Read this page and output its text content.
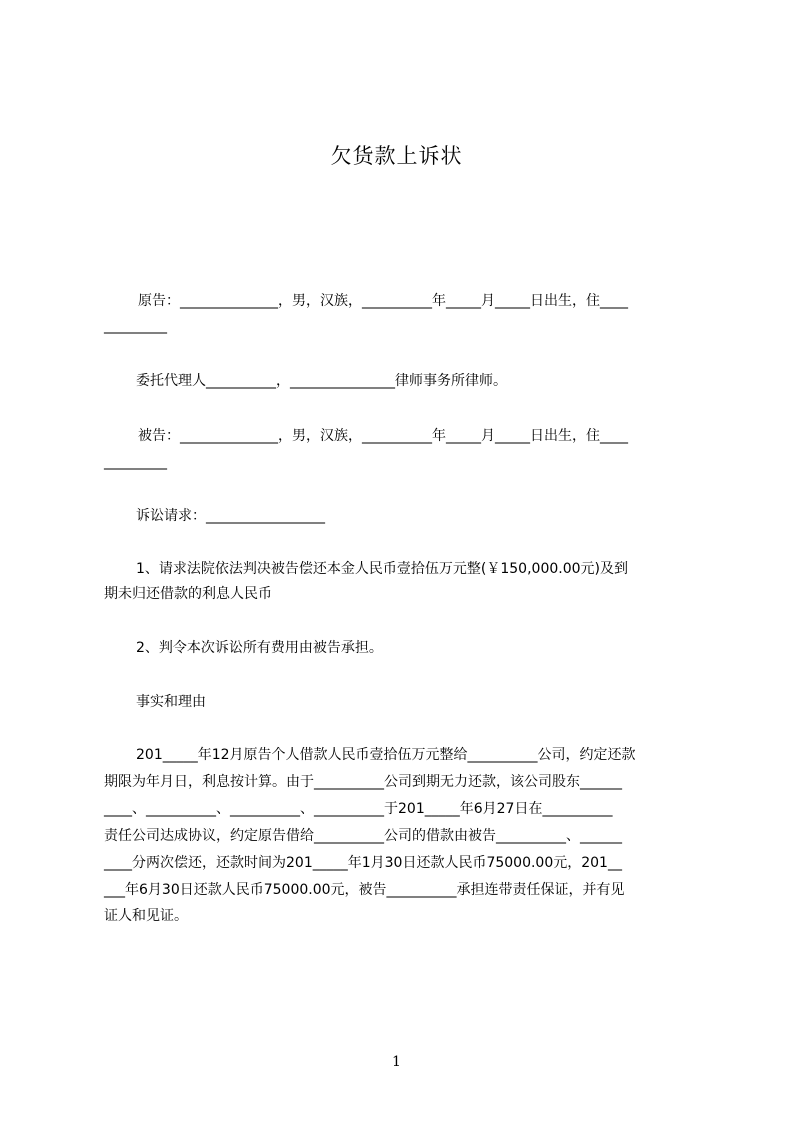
欠货款上诉状
原告：______________，男，汉族，__________年_____月_____日出生，住____
_________
委托代理人__________，_______________律师事务所律师。
被告：______________，男，汉族，__________年_____月_____日出生，住____
_________
诉讼请求：_________________
1、请求法院依法判决被告偿还本金人民币壹拾伍万元整(￥150,000.00元)及到
期未归还借款的利息人民币
2、判令本次诉讼所有费用由被告承担。
事实和理由
201_____年12月原告个人借款人民币壹拾伍万元整给__________公司，约定还款
期限为年月日，利息按计算。由于__________公司到期无力还款，该公司股东______
____、__________、__________、__________于201_____年6月27日在__________
责任公司达成协议，约定原告借给__________公司的借款由被告__________、______
____分两次偿还，还款时间为201_____年1月30日还款人民币75000.00元，201__
___年6月30日还款人民币75000.00元，被告__________承担连带责任保证，并有见
证人和见证。
1
